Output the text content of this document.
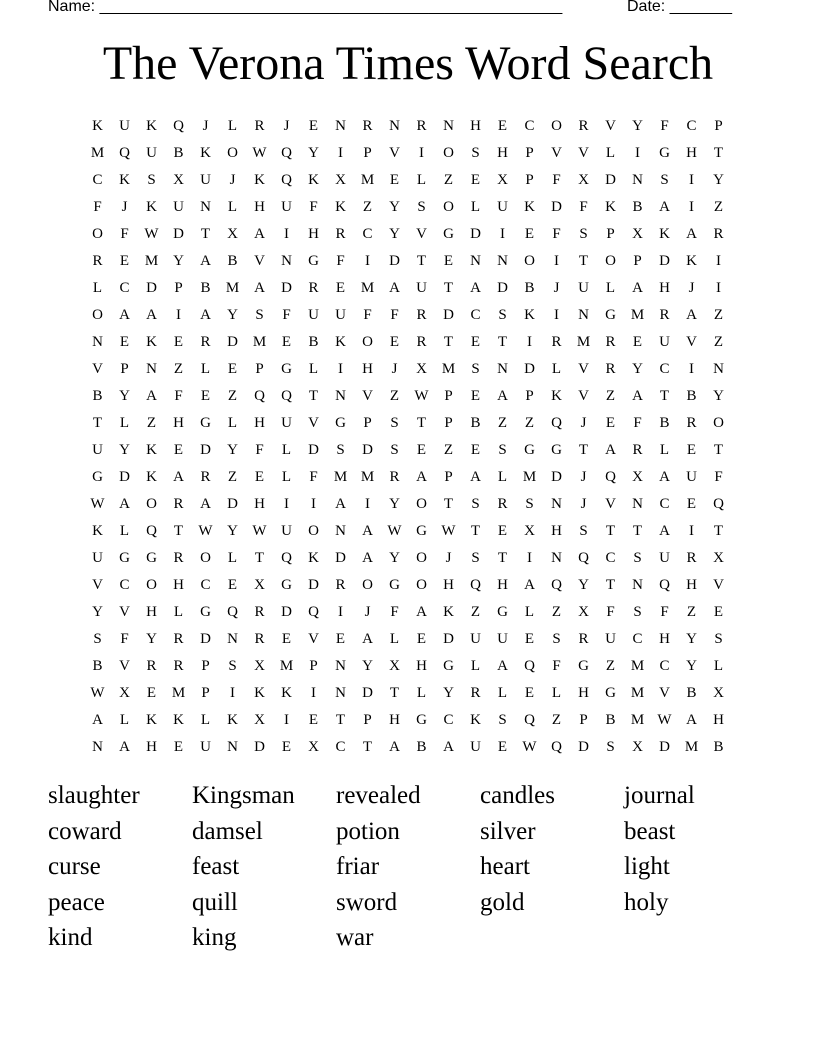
Name: ____________________________________________________	Date: _______
The Verona Times Word Search
K	U	K	Q	J	L	R	J	E	N	R	N	R	N	H	E	C	O	R	V	Y	F	C	P
M Q	U	B	K	O W Q	Y	I	P	V	I	O	S	H	P	V	V	L	I	G	H	T
C	K	S	X	U	J	K	Q	K	X M	E	L	Z	E	X	P	F	X	D	N	S	I	Y
F	J	K	U	N	L	H	U	F	K	Z	Y	S	O	L	U	K	D	F	K	B	A	I	Z
O	F	W D	T	X	A	I	H	R	C	Y	V	G	D	I	E	F	S	P	X	K	A	R
R	E	M Y	A	B	V	N	G	F	I	D	T	E	N	N	O	I	T	O	P	D	K	I
L	C	D	P	B	M A	D	R	E	M A	U	T	A	D	B	J	U	L	A	H	J	I
O	A	A	I	A	Y	S	F	U	U	F	F	R	D	C	S	K	I	N	G M	R	A	Z
N	E	K	E	R	D M	E	B	K	O	E	R	T	E	T	I	R	M	R	E	U	V	Z
V	P	N	Z	L	E	P	G	L	I	H	J	X M	S	N	D	L	V	R	Y	C	I	N
B	Y	A	F	E	Z	Q	Q	T	N	V	Z	W	P	E	A	P	K	V	Z	A	T	B	Y
T	L	Z	H	G	L	H	U	V	G	P	S	T	P	B	Z	Z	Q	J	E	F	B	R	O
U	Y	K	E	D	Y	F	L	D	S	D	S	E	Z	E	S	G	G	T	A	R	L	E	T
G	D	K	A	R	Z	E	L	F	M M	R	A	P	A	L	M D	J	Q	X	A	U	F
W A	O	R	A	D	H	I	I	A	I	Y	O	T	S	R	S	N	J	V	N	C	E	Q
K	L	Q	T	W Y W U	O	N	A W G W	T	E	X	H	S	T	T	A	I	T
U	G	G	R	O	L	T	Q	K	D	A	Y	O	J	S	T	I	N	Q	C	S	U	R	X
V	C	O	H	C	E	X	G	D	R	O	G	O	H	Q	H	A	Q	Y	T	N	Q	H	V
Y	V	H	L	G	Q	R	D	Q	I	J	F	A	K	Z	G	L	Z	X	F	S	F	Z	E
S	F	Y	R	D	N	R	E	V	E	A	L	E	D	U	U	E	S	R	U	C	H	Y	S
B	V	R	R	P	S	X M	P	N	Y	X	H	G	L	A	Q	F	G	Z	M	C	Y	L
W X	E	M	P	I	K	K	I	N	D	T	L	Y	R	L	E	L	H	G M V	B	X
A	L	K	K	L	K	X	I	E	T	P	H	G	C	K	S	Q	Z	P	B	M W A	H
N	A	H	E	U	N	D	E	X	C	T	A	B	A	U	E	W Q	D	S	X	D M	B
slaughter	Kingsman	revealed	candles	journal
coward	damsel	potion	silver	beast
curse	feast	friar	heart	light
peace	quill	sword	gold	holy
kind	king	war
